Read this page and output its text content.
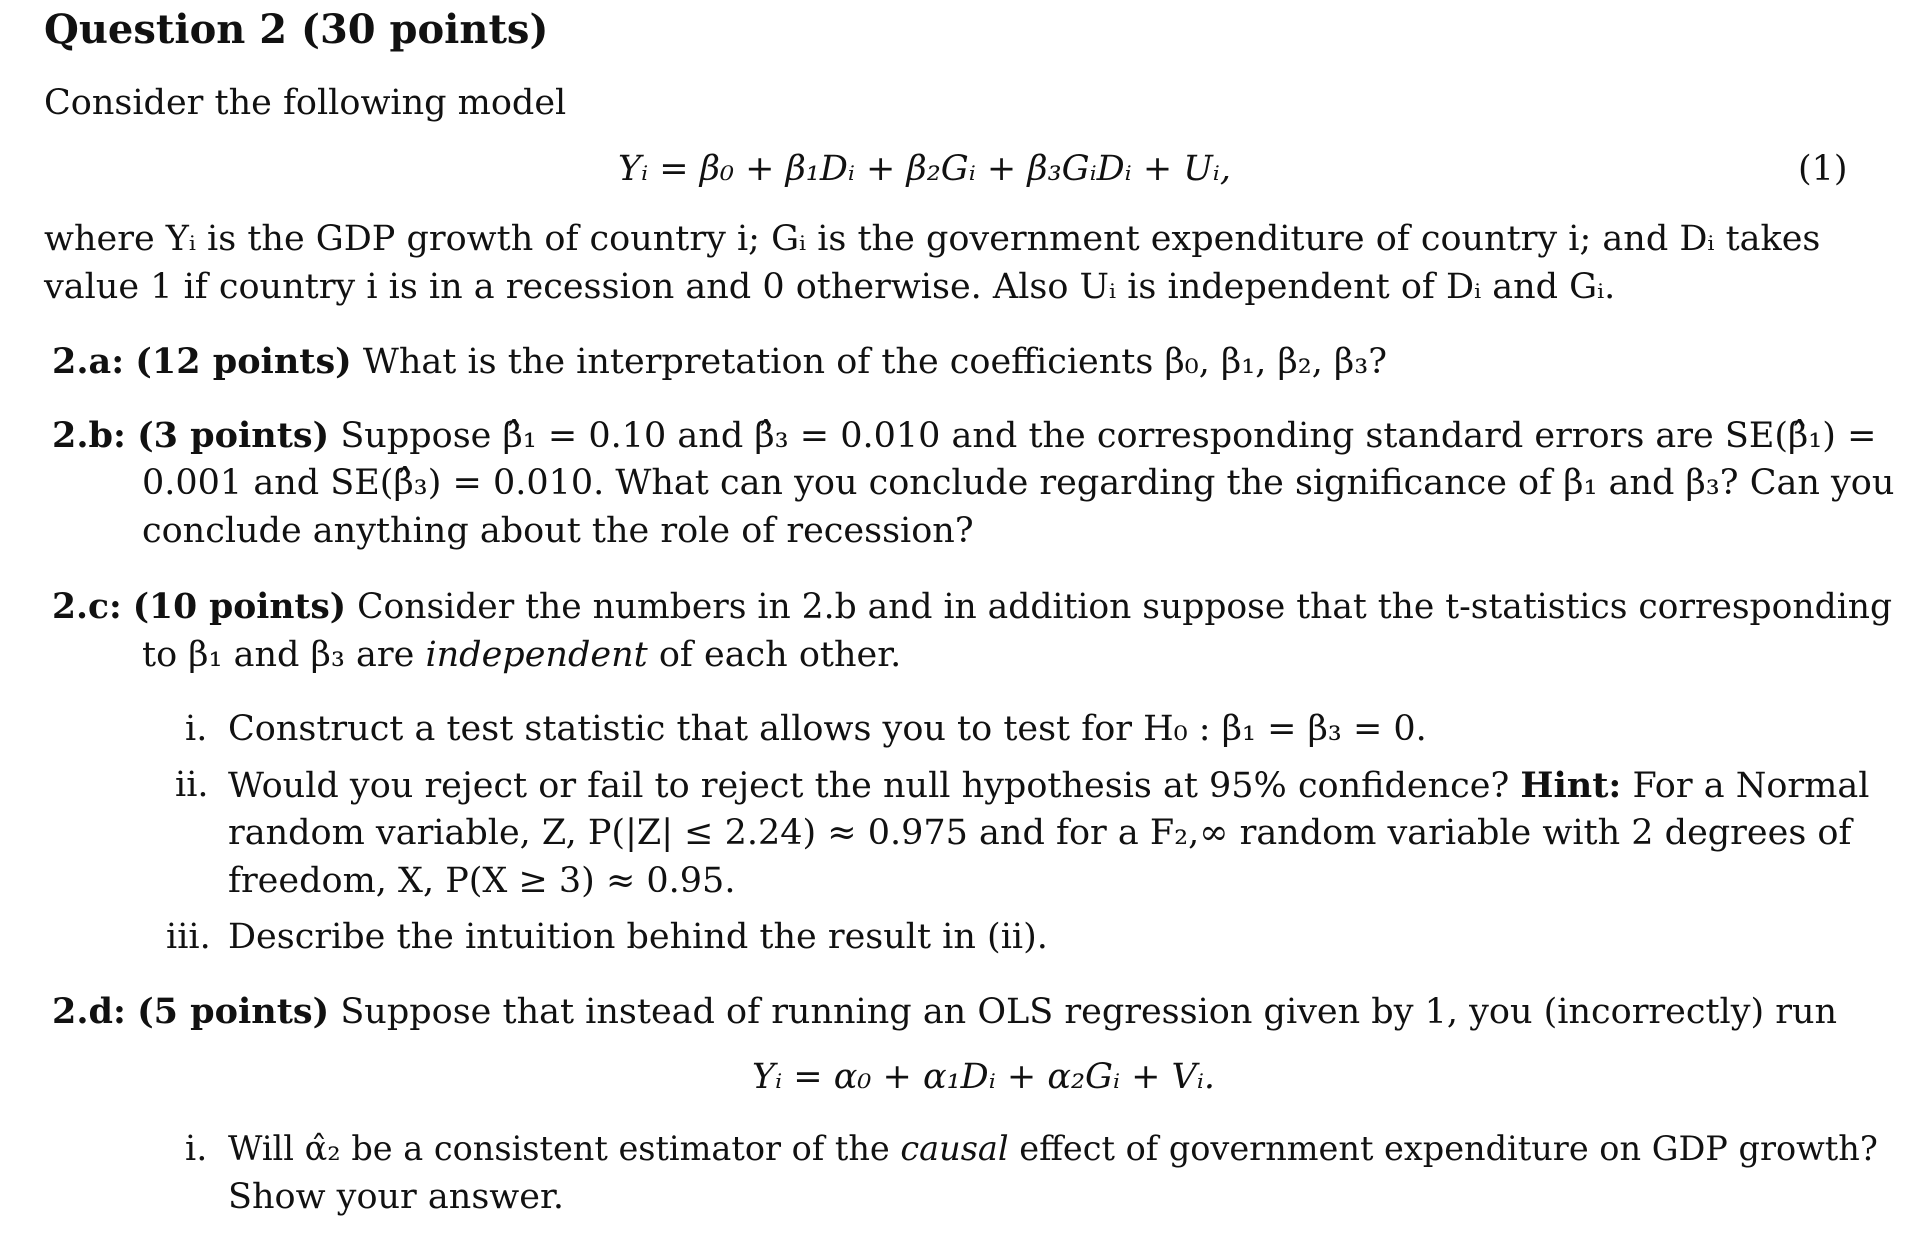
Question 2 (30 points)
Consider the following model
Yᵢ = β₀ + β₁Dᵢ + β₂Gᵢ + β₃GᵢDᵢ + Uᵢ,	(1)
where Yᵢ is the GDP growth of country i; Gᵢ is the government expenditure of country i; and Dᵢ takes
value 1 if country i is in a recession and 0 otherwise. Also Uᵢ is independent of Dᵢ and Gᵢ.
2.a: (12 points) What is the interpretation of the coefficients β₀, β₁, β₂, β₃?
2.b: (3 points) Suppose β̂₁ = 0.10 and β̂₃ = 0.010 and the corresponding standard errors are SE(β̂₁) =
0.001 and SE(β̂₃) = 0.010. What can you conclude regarding the significance of β₁ and β₃? Can you
conclude anything about the role of recession?
2.c: (10 points) Consider the numbers in 2.b and in addition suppose that the t-statistics corresponding
to β₁ and β₃ are independent of each other.
i. Construct a test statistic that allows you to test for H₀ : β₁ = β₃ = 0.
ii. Would you reject or fail to reject the null hypothesis at 95% confidence? Hint: For a Normal
random variable, Z, P(|Z| ≤ 2.24) ≈ 0.975 and for a F₂,∞ random variable with 2 degrees of
freedom, X, P(X ≥ 3) ≈ 0.95.
iii. Describe the intuition behind the result in (ii).
2.d: (5 points) Suppose that instead of running an OLS regression given by 1, you (incorrectly) run
Yᵢ = α₀ + α₁Dᵢ + α₂Gᵢ + Vᵢ.
i. Will α̂₂ be a consistent estimator of the causal effect of government expenditure on GDP growth?
Show your answer.
